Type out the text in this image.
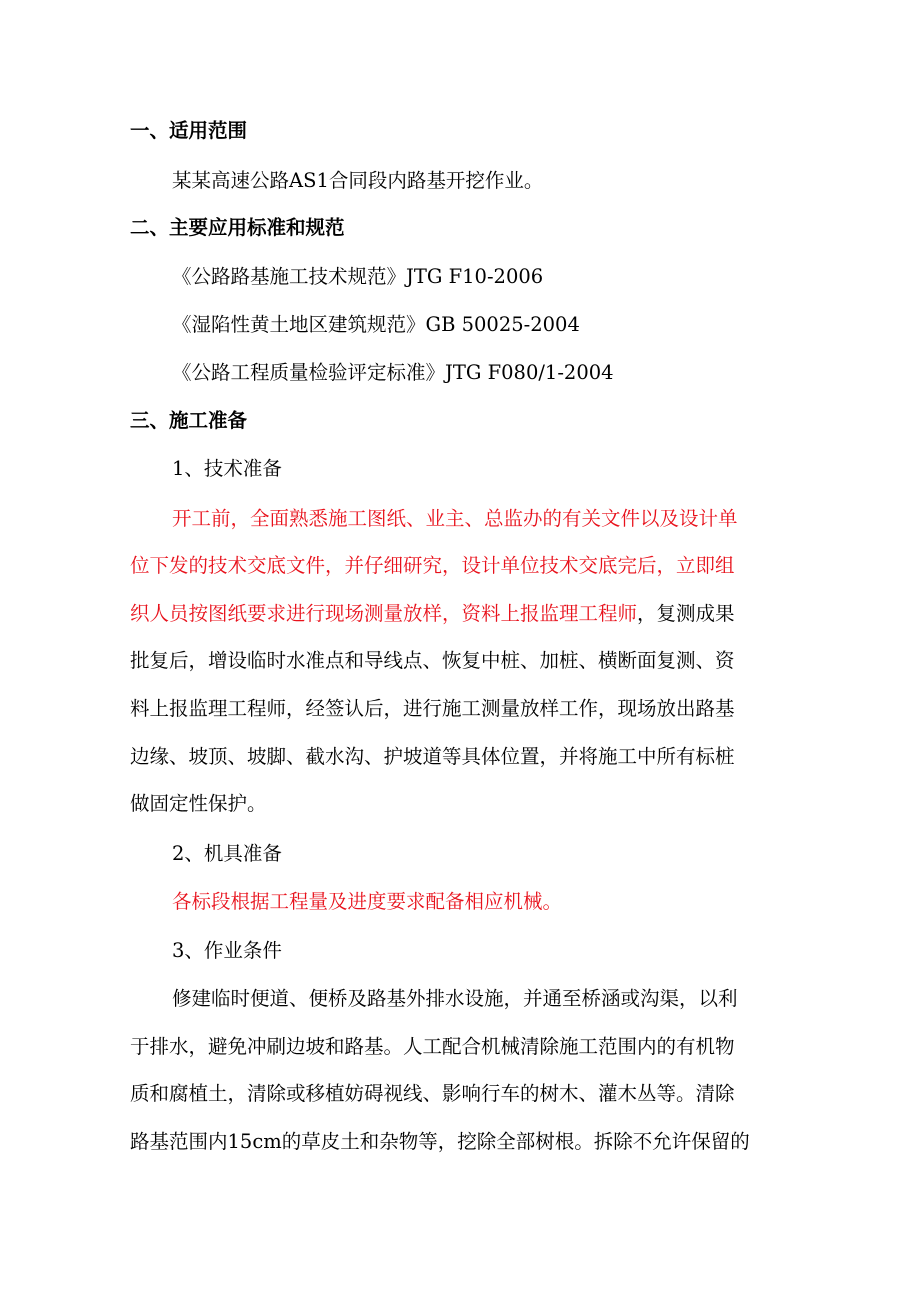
一、适用范围

某某高速公路AS1合同段内路基开挖作业。

二、主要应用标准和规范

《公路路基施工技术规范》JTG F10-2006

《湿陷性黄土地区建筑规范》GB 50025-2004

《公路工程质量检验评定标准》JTG F080/1-2004

三、施工准备

1、技术准备

开工前，全面熟悉施工图纸、业主、总监办的有关文件以及设计单

位下发的技术交底文件，并仔细研究，设计单位技术交底完后，立即组

织人员按图纸要求进行现场测量放样，资料上报监理工程师，复测成果

批复后，增设临时水准点和导线点、恢复中桩、加桩、横断面复测、资

料上报监理工程师，经签认后，进行施工测量放样工作，现场放出路基

边缘、坡顶、坡脚、截水沟、护坡道等具体位置，并将施工中所有标桩

做固定性保护。

2、机具准备

各标段根据工程量及进度要求配备相应机械。

3、作业条件

修建临时便道、便桥及路基外排水设施，并通至桥涵或沟渠，以利

于排水，避免冲刷边坡和路基。人工配合机械清除施工范围内的有机物

质和腐植土，清除或移植妨碍视线、影响行车的树木、灌木丛等。清除

路基范围内15cm的草皮土和杂物等，挖除全部树根。拆除不允许保留的
